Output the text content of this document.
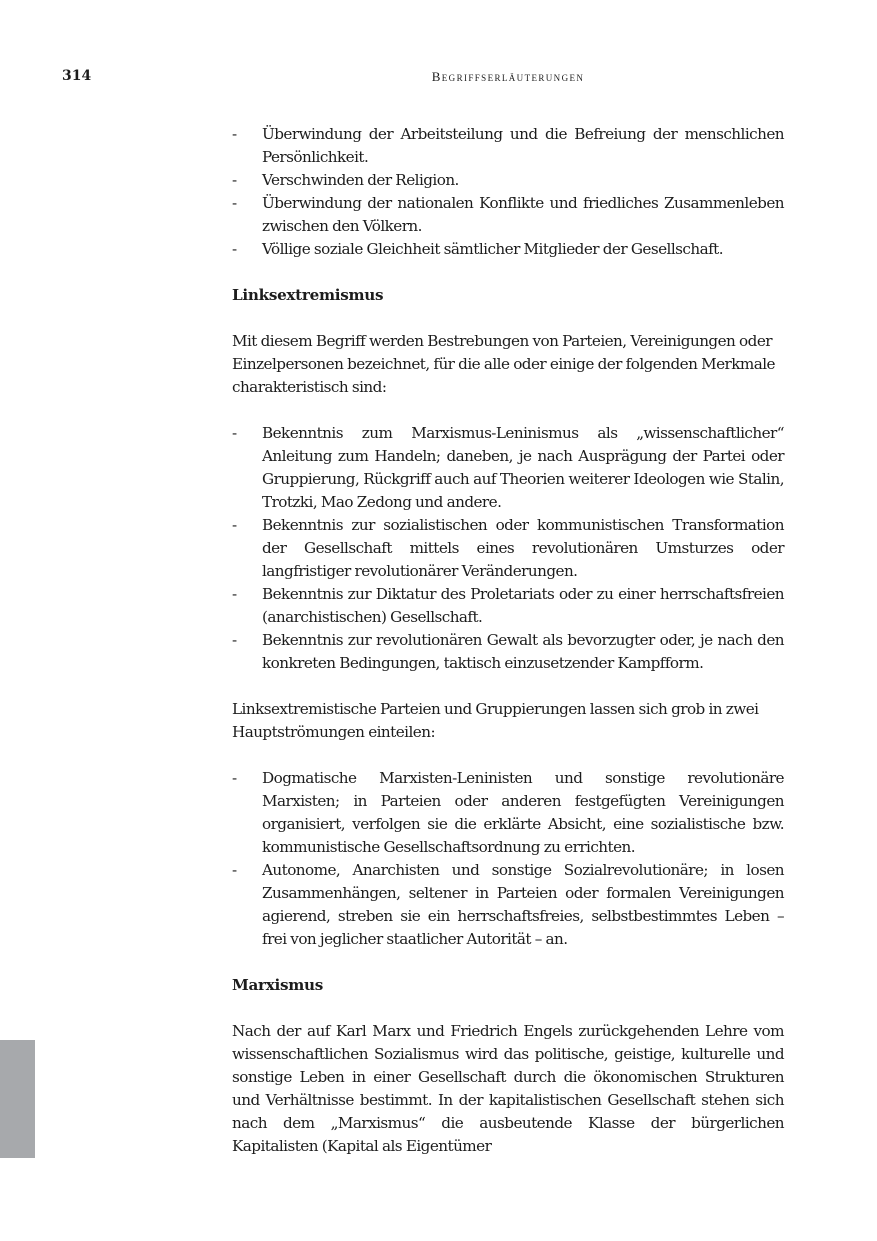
314	Begriffserläuterungen
- Überwindung der Arbeitsteilung und die Befreiung der menschlichen Persönlichkeit.
- Verschwinden der Religion.
- Überwindung der nationalen Konflikte und friedliches Zusammenleben zwischen den Völkern.
- Völlige soziale Gleichheit sämtlicher Mitglieder der Gesellschaft.
Linksextremismus

Mit diesem Begriff werden Bestrebungen von Parteien, Vereinigungen oder Einzelpersonen bezeichnet, für die alle oder einige der folgenden Merkmale charakteristisch sind:

- Bekenntnis zum Marxismus-Leninismus als „wissenschaftlicher“ Anleitung zum Handeln; daneben, je nach Ausprägung der Partei oder Gruppierung, Rückgriff auch auf Theorien weiterer Ideologen wie Stalin, Trotzki, Mao Zedong und andere.
- Bekenntnis zur sozialistischen oder kommunistischen Transformation der Gesellschaft mittels eines revolutionären Umsturzes oder langfristiger revolutionärer Veränderungen.
- Bekenntnis zur Diktatur des Proletariats oder zu einer herrschaftsfreien (anarchistischen) Gesellschaft.
- Bekenntnis zur revolutionären Gewalt als bevorzugter oder, je nach den konkreten Bedingungen, taktisch einzusetzender Kampfform.

Linksextremistische Parteien und Gruppierungen lassen sich grob in zwei Hauptströmungen einteilen:

- Dogmatische Marxisten-Leninisten und sonstige revolutionäre Marxisten; in Parteien oder anderen festgefügten Vereinigungen organisiert, verfolgen sie die erklärte Absicht, eine sozialistische bzw. kommunistische Gesellschaftsordnung zu errichten.
- Autonome, Anarchisten und sonstige Sozialrevolutionäre; in losen Zusammenhängen, seltener in Parteien oder formalen Vereinigungen agierend, streben sie ein herrschaftsfreies, selbstbestimmtes Leben – frei von jeglicher staatlicher Autorität – an.
Marxismus

Nach der auf Karl Marx und Friedrich Engels zurückgehenden Lehre vom wissenschaftlichen Sozialismus wird das politische, geistige, kulturelle und sonstige Leben in einer Gesellschaft durch die ökonomischen Strukturen und Verhältnisse bestimmt. In der kapitalistischen Gesellschaft stehen sich nach dem „Marxismus“ die ausbeutende Klasse der bürgerlichen Kapitalisten (Kapital als Eigentümer
